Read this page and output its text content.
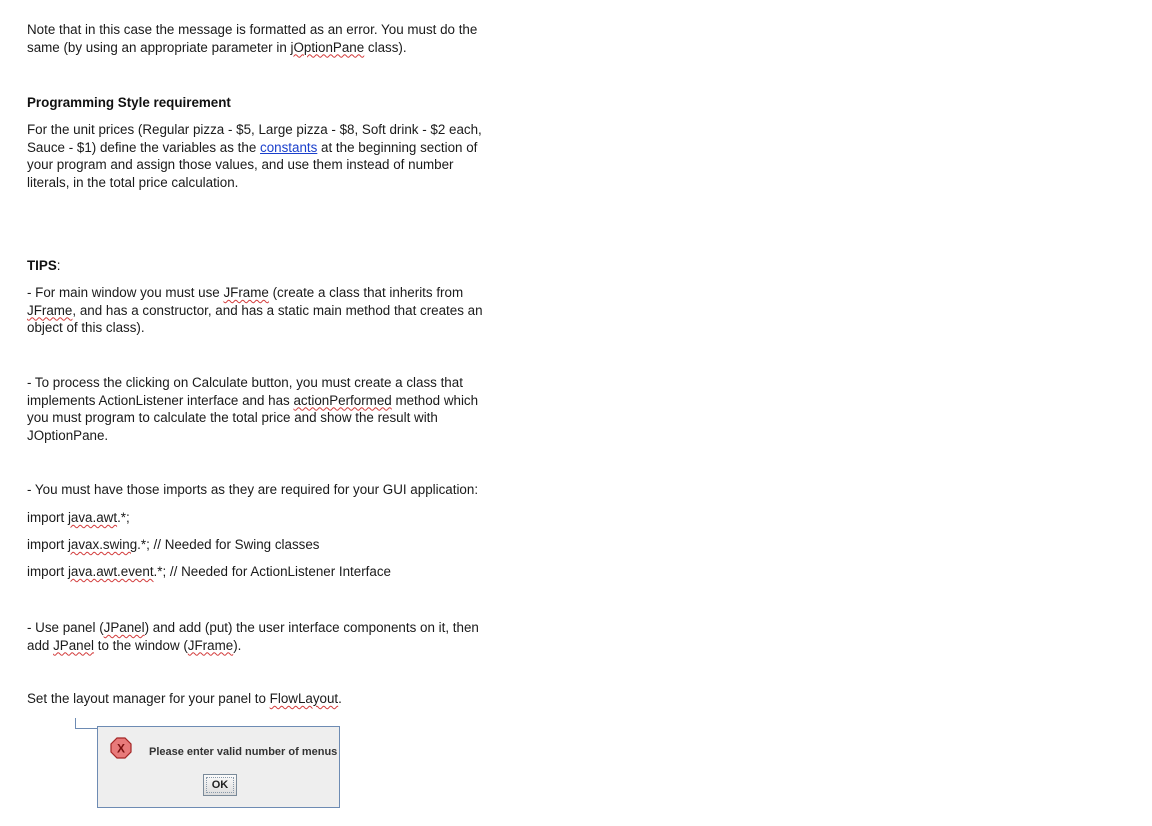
Note that in this case the message is formatted as an error. You must do the
same (by using an appropriate parameter in jOptionPane class).

Programming Style requirement

For the unit prices (Regular pizza - $5, Large pizza - $8, Soft drink - $2 each,
Sauce - $1) define the variables as the constants at the beginning section of
your program and assign those values, and use them instead of number
literals, in the total price calculation.

TIPS:

- For main window you must use JFrame (create a class that inherits from
JFrame, and has a constructor, and has a static main method that creates an
object of this class).

- To process the clicking on Calculate button, you must create a class that
implements ActionListener interface and has actionPerformed method which
you must program to calculate the total price and show the result with
JOptionPane.

- You must have those imports as they are required for your GUI application:

import java.awt.*;

import javax.swing.*; // Needed for Swing classes

import java.awt.event.*; // Needed for ActionListener Interface

- Use panel (JPanel) and add (put) the user interface components on it, then
add JPanel to the window (JFrame).

Set the layout manager for your panel to FlowLayout.

X Please enter valid number of menus
OK
